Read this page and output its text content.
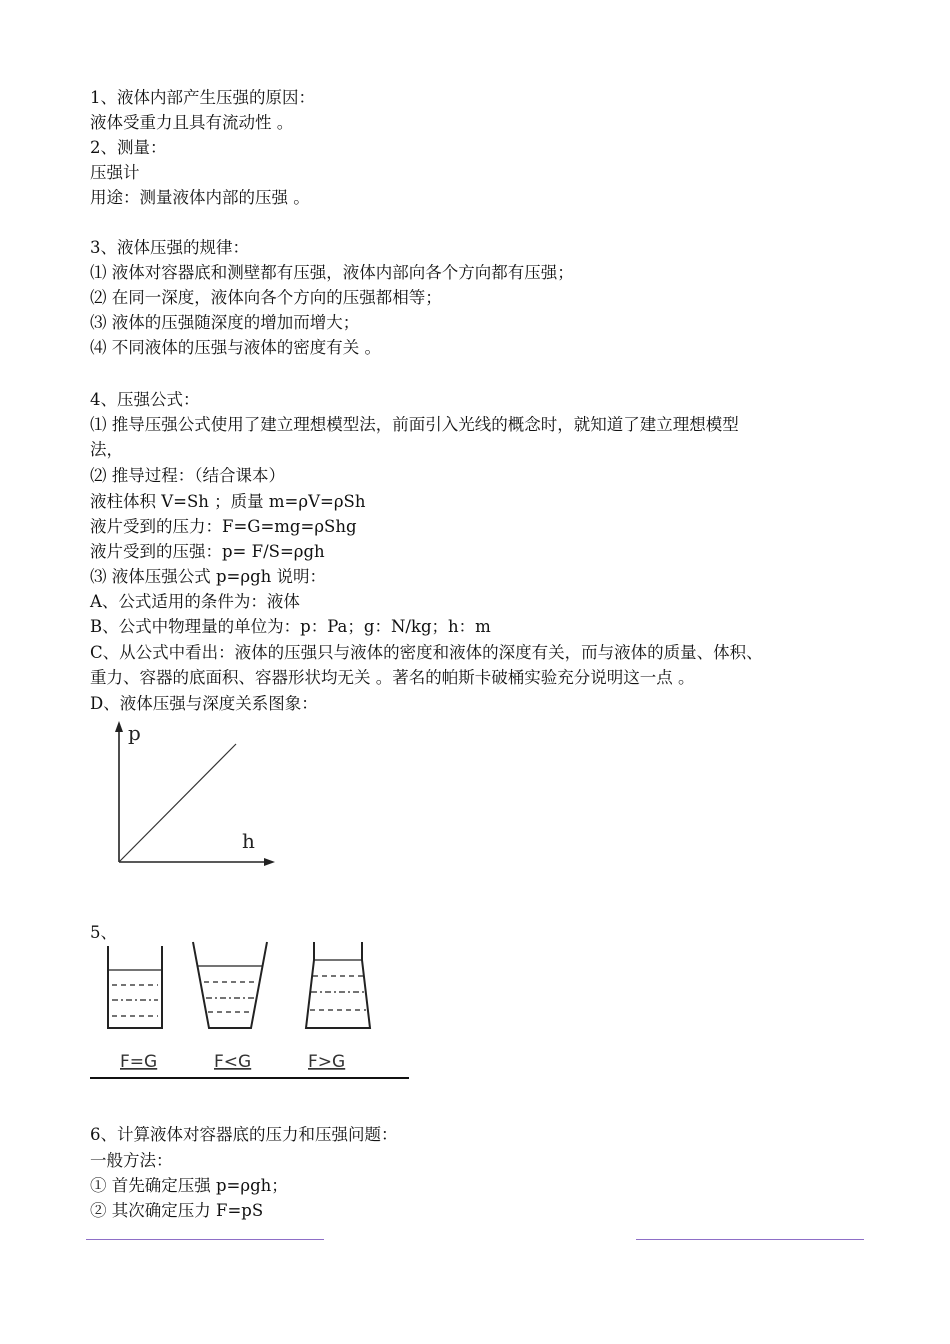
1、液体内部产生压强的原因：
液体受重力且具有流动性 。
2、测量：
压强计
用途：测量液体内部的压强 。
3、液体压强的规律：
⑴ 液体对容器底和测壁都有压强，液体内部向各个方向都有压强；
⑵ 在同一深度，液体向各个方向的压强都相等；
⑶ 液体的压强随深度的增加而增大；
⑷ 不同液体的压强与液体的密度有关 。
4、压强公式：
⑴ 推导压强公式使用了建立理想模型法，前面引入光线的概念时，就知道了建立理想模型
法，
⑵ 推导过程：（结合课本）
液柱体积 V=Sh ；质量 m=ρV=ρSh
液片受到的压力：F=G=mg=ρShg
液片受到的压强：p= F/S=ρgh
⑶ 液体压强公式 p=ρgh 说明：
A、公式适用的条件为：液体
B、公式中物理量的单位为：p：Pa；g：N/kg；h：m
C、从公式中看出：液体的压强只与液体的密度和液体的深度有关，而与液体的质量、体积、
重力、容器的底面积、容器形状均无关 。著名的帕斯卡破桶实验充分说明这一点 。
D、液体压强与深度关系图象：
p
h
5、
F=G	F<G	F>G
6、计算液体对容器底的压力和压强问题：
一般方法：
① 首先确定压强 p=ρgh；
② 其次确定压力 F=pS
